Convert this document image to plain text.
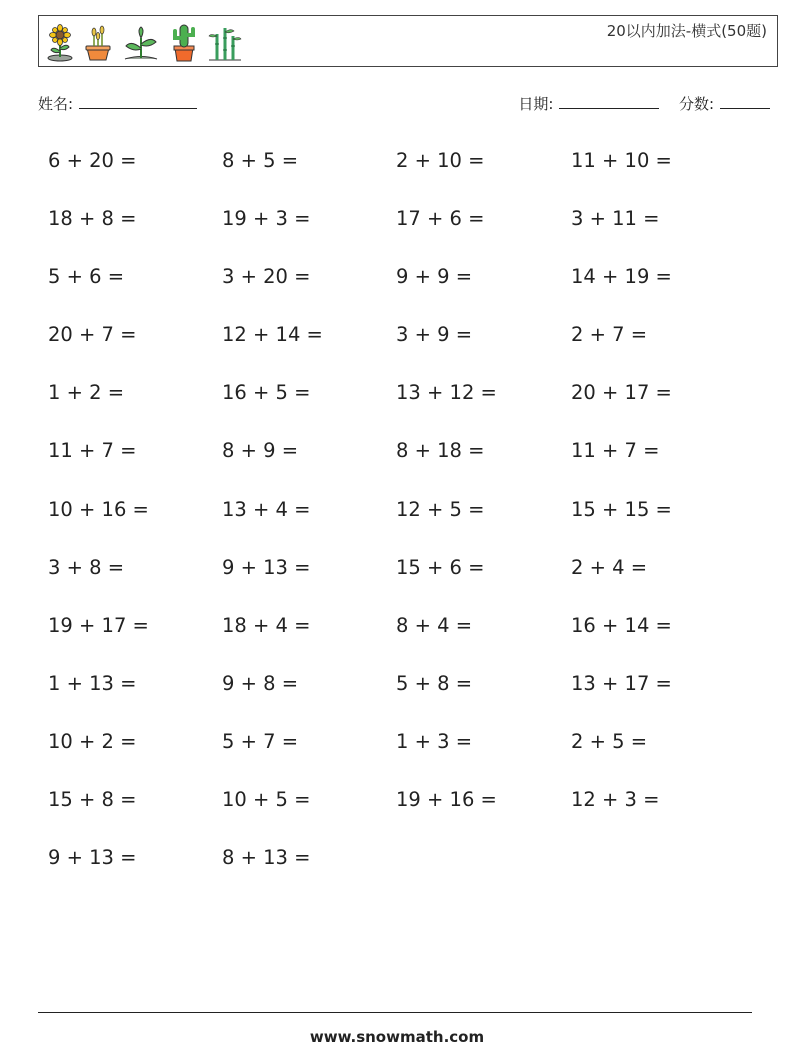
20以内加法-横式(50题)
姓名:	日期:
	分数:
6 + 20 =	8 + 5 =	2 + 10 =	11 + 10 =
18 + 8 =	19 + 3 =	17 + 6 =	3 + 11 =
5 + 6 =	3 + 20 =	9 + 9 =	14 + 19 =
20 + 7 =	12 + 14 =	3 + 9 =	2 + 7 =
1 + 2 =	16 + 5 =	13 + 12 =	20 + 17 =
11 + 7 =	8 + 9 =	8 + 18 =	11 + 7 =
10 + 16 =	13 + 4 =	12 + 5 =	15 + 15 =
3 + 8 =	9 + 13 =	15 + 6 =	2 + 4 =
19 + 17 =	18 + 4 =	8 + 4 =	16 + 14 =
1 + 13 =	9 + 8 =	5 + 8 =	13 + 17 =
10 + 2 =	5 + 7 =	1 + 3 =	2 + 5 =
15 + 8 =	10 + 5 =	19 + 16 =	12 + 3 =
9 + 13 =	8 + 13 =
www.snowmath.com
